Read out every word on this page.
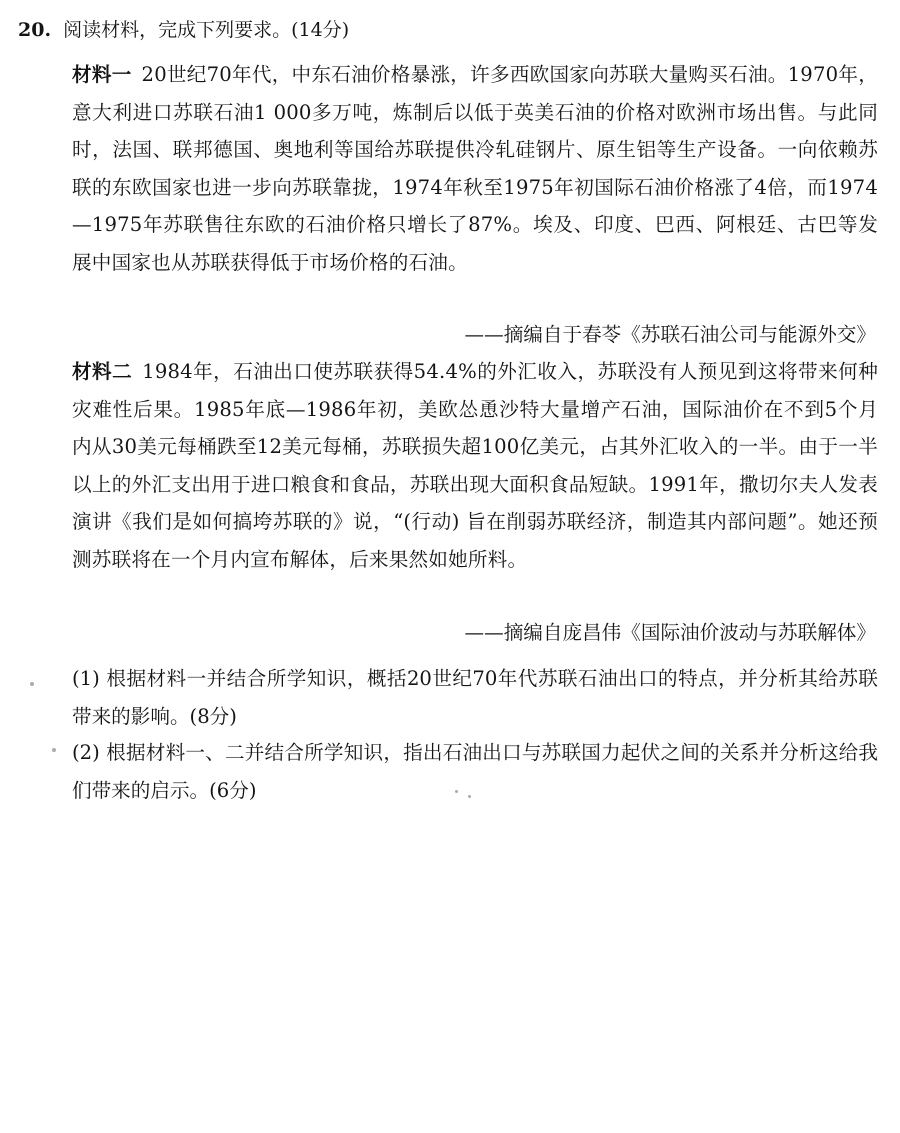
20. 阅读材料，完成下列要求。(14分)
材料一 20世纪70年代，中东石油价格暴涨，许多西欧国家向苏联大量购买石油。1970年，意大利进口苏联石油1 000多万吨，炼制后以低于英美石油的价格对欧洲市场出售。与此同时，法国、联邦德国、奥地利等国给苏联提供冷轧硅钢片、原生铝等生产设备。一向依赖苏联的东欧国家也进一步向苏联靠拢，1974年秋至1975年初国际石油价格涨了4倍，而1974—1975年苏联售往东欧的石油价格只增长了87%。埃及、印度、巴西、阿根廷、古巴等发展中国家也从苏联获得低于市场价格的石油。
——摘编自于春苓《苏联石油公司与能源外交》
材料二 1984年，石油出口使苏联获得54.4%的外汇收入，苏联没有人预见到这将带来何种灾难性后果。1985年底—1986年初，美欧怂恿沙特大量增产石油，国际油价在不到5个月内从30美元每桶跌至12美元每桶，苏联损失超100亿美元，占其外汇收入的一半。由于一半以上的外汇支出用于进口粮食和食品，苏联出现大面积食品短缺。1991年，撒切尔夫人发表演讲《我们是如何搞垮苏联的》说，“(行动) 旨在削弱苏联经济，制造其内部问题”。她还预测苏联将在一个月内宣布解体，后来果然如她所料。
——摘编自庞昌伟《国际油价波动与苏联解体》
(1) 根据材料一并结合所学知识，概括20世纪70年代苏联石油出口的特点，并分析其给苏联带来的影响。(8分)
(2) 根据材料一、二并结合所学知识，指出石油出口与苏联国力起伏之间的关系并分析这给我们带来的启示。(6分)
